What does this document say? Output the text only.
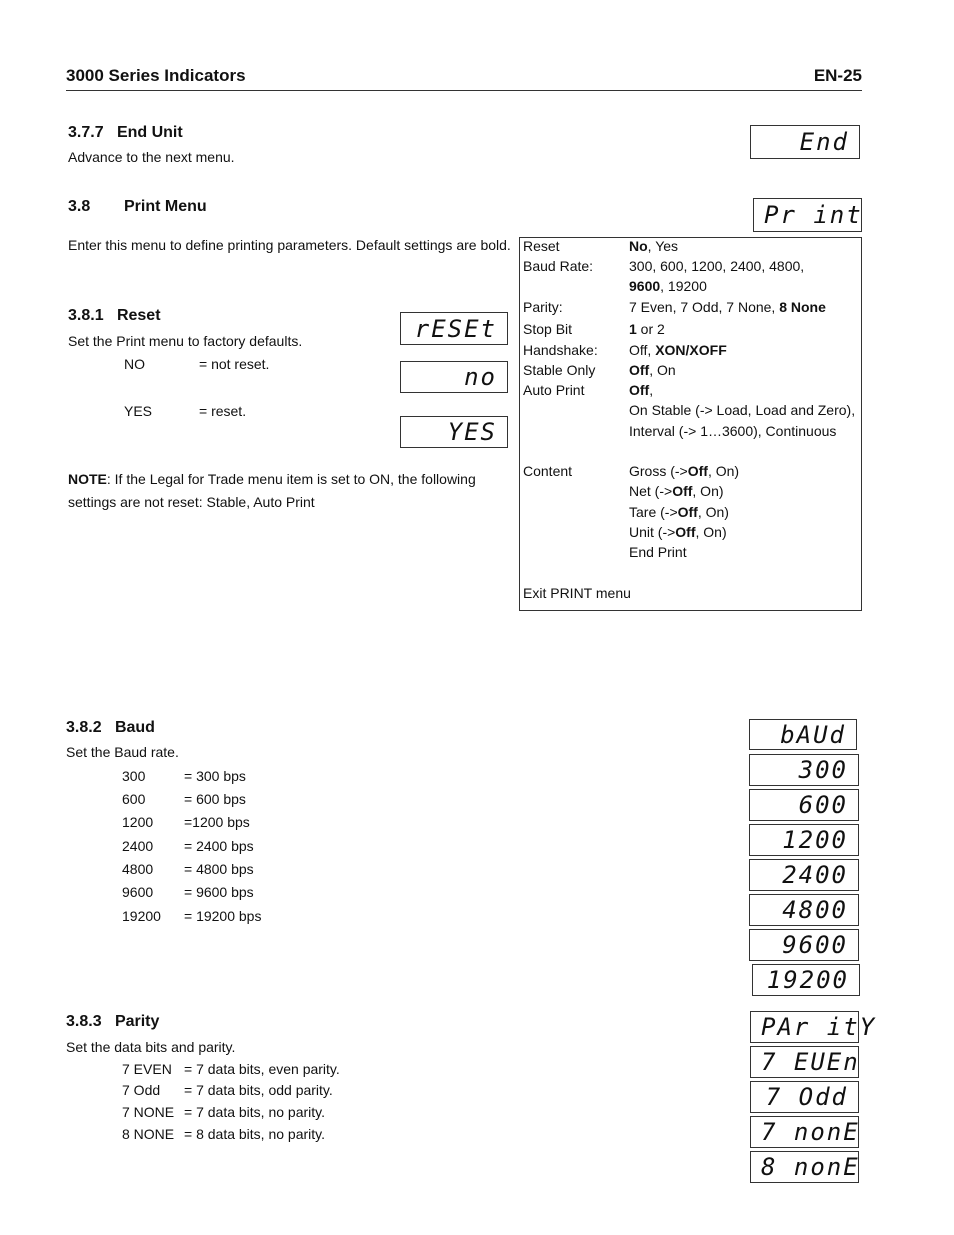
3000 Series Indicators	EN-25
3.7.7 End Unit
Advance to the next menu.
End
3.8 Print Menu
Enter this menu to define printing parameters. Default settings are bold.
Pr int
3.8.1 Reset
Set the Print menu to factory defaults.
NO	= not reset.
YES	= reset.
rESEt
no
YES
NOTE: If the Legal for Trade menu item is set to ON, the following
settings are not reset: Stable, Auto Print
Reset	No, Yes
Baud Rate:	300, 600, 1200, 2400, 4800,
9600, 19200
Parity:	7 Even, 7 Odd, 7 None, 8 None
Stop Bit	1 or 2
Handshake: Off, XON/XOFF
Stable Only Off, On
Auto Print	Off,
On Stable (-> Load, Load and Zero),
Interval (-> 1…3600), Continuous
Content	Gross (->Off, On)
Net (->Off, On)
Tare (->Off, On)
Unit (->Off, On)
End Print
Exit PRINT menu
3.8.2 Baud
Set the Baud rate.
300	= 300 bps
600	= 600 bps
1200 =1200 bps
2400 = 2400 bps
4800 = 4800 bps
9600 = 9600 bps
19200 = 19200 bps
bAUd
300
600
1200
2400
4800
9600
19200
3.8.3 Parity
Set the data bits and parity.
7 EVEN = 7 data bits, even parity.
7 Odd = 7 data bits, odd parity.
7 NONE = 7 data bits, no parity.
8 NONE = 8 data bits, no parity.
PAr itY
7 EUEn
7 Odd
7 nonE
8 nonE
